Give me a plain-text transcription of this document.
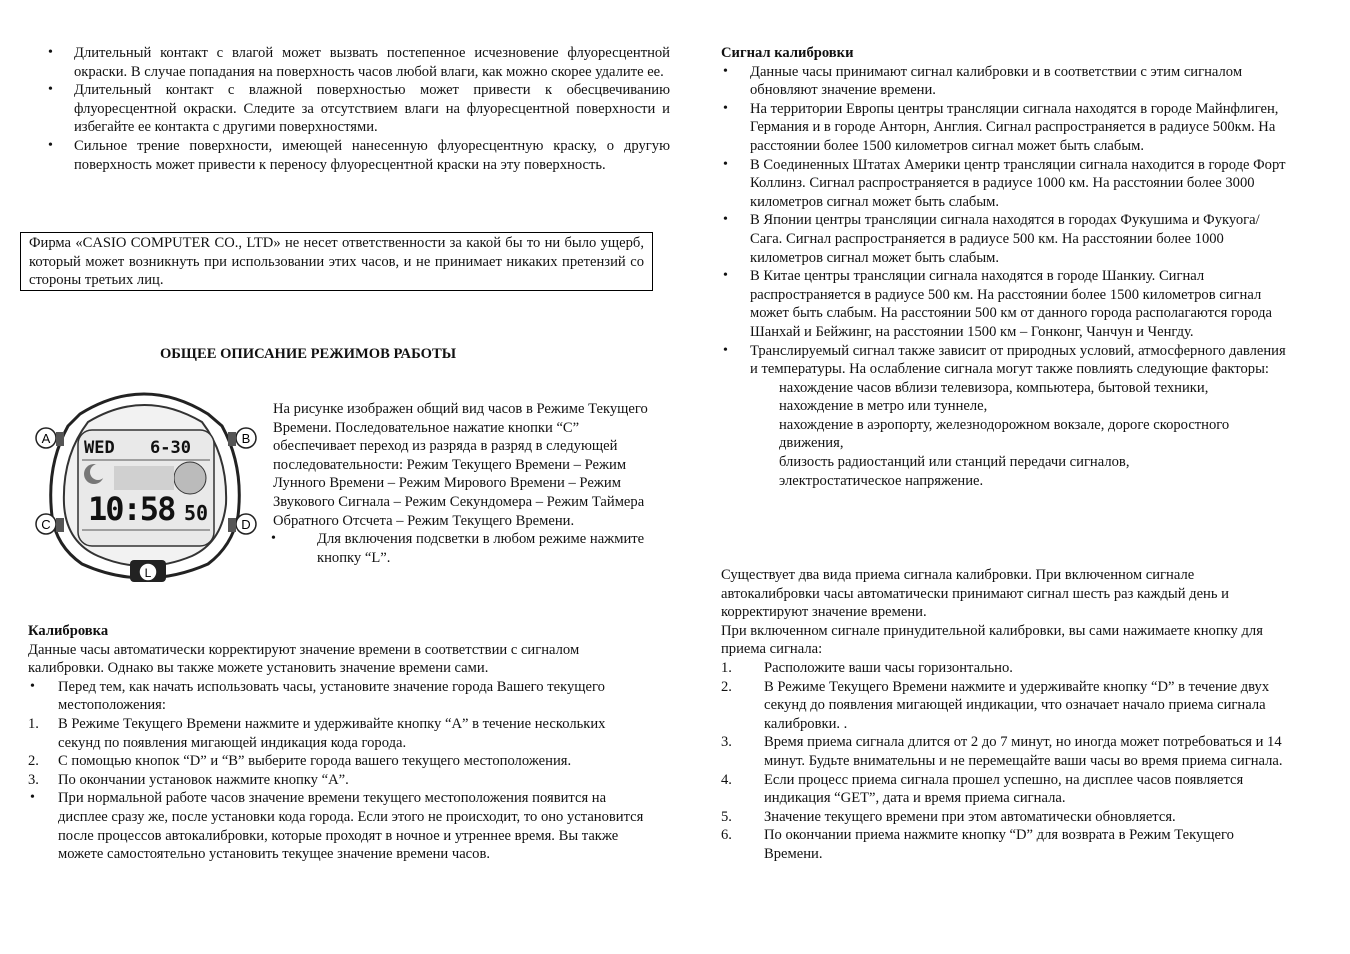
• Длительный контакт с влагой может вызвать постепенное исчезновение флуоресцентной окраски. В случае попадания на поверхность часов любой влаги, как можно скорее удалите ее.
• Длительный контакт с влажной поверхностью может привести к обесцвечиванию флуоресцентной окраски. Следите за отсутствием влаги на флуоресцентной поверхности и избегайте ее контакта с другими поверхностями.
• Сильное трение поверхности, имеющей нанесенную флуоресцентную краску, о другую поверхность может привести к переносу флуоресцентной краски на эту поверхность.
Фирма «CASIO COMPUTER CO., LTD» не несет ответственности за какой бы то ни было ущерб, который может возникнуть при использовании этих часов, и не принимает никаких претензий со стороны третьих лиц.
ОБЩЕЕ ОПИСАНИЕ РЕЖИМОВ РАБОТЫ
WED 6-30
10:58 50
A	B
C	D
L

На рисунке изображен общий вид часов в Режиме Текущего Времени. Последовательное нажатие кнопки “C” обеспечивает переход из разряда в разряд в следующей последовательности: Режим Текущего Времени – Режим Лунного Времени – Режим Мирового Времени – Режим Звукового Сигнала – Режим Секундомера – Режим Таймера Обратного Отсчета – Режим Текущего Времени.

• Для включения подсветки в любом режиме нажмите кнопку “L”.

Калибровка

Данные часы автоматически корректируют значение времени в соответствии с сигналом калибровки. Однако вы также можете установить значение времени сами.

• Перед тем, как начать использовать часы, установите значение города Вашего текущего местоположения:
1. В Режиме Текущего Времени нажмите и удерживайте кнопку “A” в течение нескольких секунд по появления мигающей индикация кода города.
2. С помощью кнопок “D” и “B” выберите города вашего текущего местоположения.
3. По окончании установок нажмите кнопку “A”.
• При нормальной работе часов значение времени текущего местоположения появится на дисплее сразу же, после установки кода города. Если этого не происходит, то оно установится после процессов автокалибровки, которые проходят в ночное и утреннее время. Вы также можете самостоятельно установить текущее значение времени часов.

Сигнал калибровки

• Данные часы принимают сигнал калибровки и в соответствии с этим сигналом обновляют значение времени.
• На территории Европы центры трансляции сигнала находятся в городе Майнфлиген, Германия и в городе Анторн, Англия. Сигнал распространяется в радиусе 500км. На расстоянии более 1500 километров сигнал может быть слабым.
• В Соединенных Штатах Америки центр трансляции сигнала находится в городе Форт Коллинз. Сигнал распространяется в радиусе 1000 км. На расстоянии более 3000 километров сигнал может быть слабым.
• В Японии центры трансляции сигнала находятся в городах Фукушима и Фукуога/Сага. Сигнал распространяется в радиусе 500 км. На расстоянии более 1000 километров сигнал может быть слабым.
• В Китае центры трансляции сигнала находятся в городе Шанкиу. Сигнал распространяется в радиусе 500 км. На расстоянии более 1500 километров сигнал может быть слабым. На расстоянии 500 км от данного города располагаются города Шанхай и Бейжинг, на расстоянии 1500 км – Гонконг, Чанчун и Ченгду.
• Транслируемый сигнал также зависит от природных условий, атмосферного давления и температуры. На ослабление сигнала могут также повлиять следующие факторы:
нахождение часов вблизи телевизора, компьютера, бытовой техники,
нахождение в метро или туннеле,
нахождение в аэропорту, железнодорожном вокзале, дороге скоростного движения,
близость радиостанций или станций передачи сигналов,
электростатическое напряжение.

Существует два вида приема сигнала калибровки. При включенном сигнале автокалибровки часы автоматически принимают сигнал шесть раз каждый день и корректируют значение времени.

При включенном сигнале принудительной калибровки, вы сами нажимаете кнопку для приема сигнала:

1. Расположите ваши часы горизонтально.
2. В Режиме Текущего Времени нажмите и удерживайте кнопку “D” в течение двух секунд до появления мигающей индикации, что означает начало приема сигнала калибровки. .
3. Время приема сигнала длится от 2 до 7 минут, но иногда может потребоваться и 14 минут. Будьте внимательны и не перемещайте ваши часы во время приема сигнала.
4. Если процесс приема сигнала прошел успешно, на дисплее часов появляется индикация “GET”, дата и время приема сигнала.
5. Значение текущего времени при этом автоматически обновляется.
6. По окончании приема нажмите кнопку “D” для возврата в Режим Текущего Времени.
